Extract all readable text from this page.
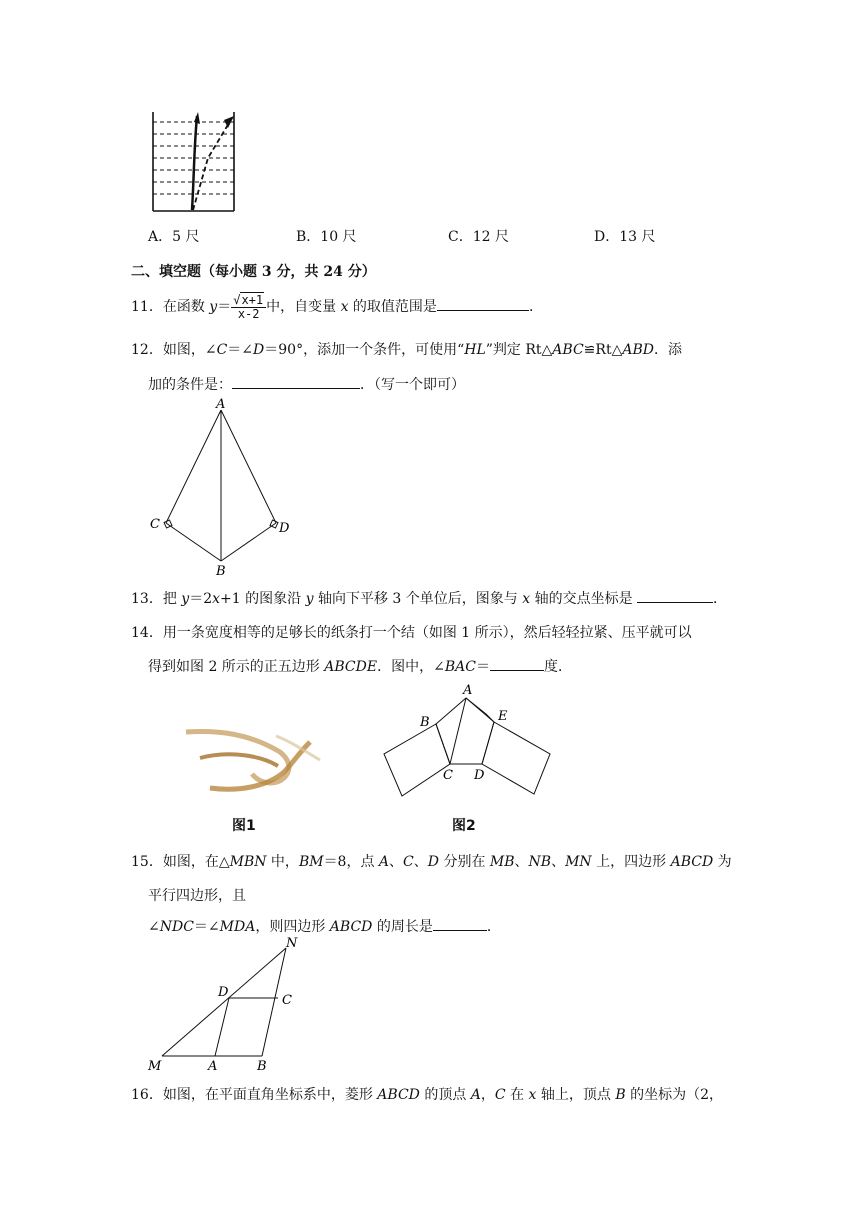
A．5 尺	B．10 尺	C．12 尺	D．13 尺
二、填空题（每小题 3 分，共 24 分）
11．在函数 $y= \frac{√x+1}{x-2}$ 中，自变量 x 的取值范围是	．
12．如图，∠C＝∠D＝90°，添加一个条件，可使用“HL”判定 Rt△ABC≌Rt△ABD．添
加的条件是：	．（写一个即可）
A
C	D
B
13．把 y＝2x+1 的图象沿 y 轴向下平移 3 个单位后，图象与 x 轴的交点坐标是	．
14．用一条宽度相等的足够长的纸条打一个结（如图 1 所示），然后轻轻拉紧、压平就可以
得到如图 2 所示的正五边形 ABCDE．图中，∠BAC＝	度．
A
B
C D
E
图1	图2
15．如图，在△MBN 中，BM＝8，点 A、C、D 分别在 MB、NB、MN 上，四边形 ABCD 为
平行四边形，且
∠NDC＝∠MDA，则四边形 ABCD 的周长是	．
N
D
C
M	A	B
16．如图，在平面直角坐标系中，菱形 ABCD 的顶点 A，C 在 x 轴上，顶点 B 的坐标为（2，
